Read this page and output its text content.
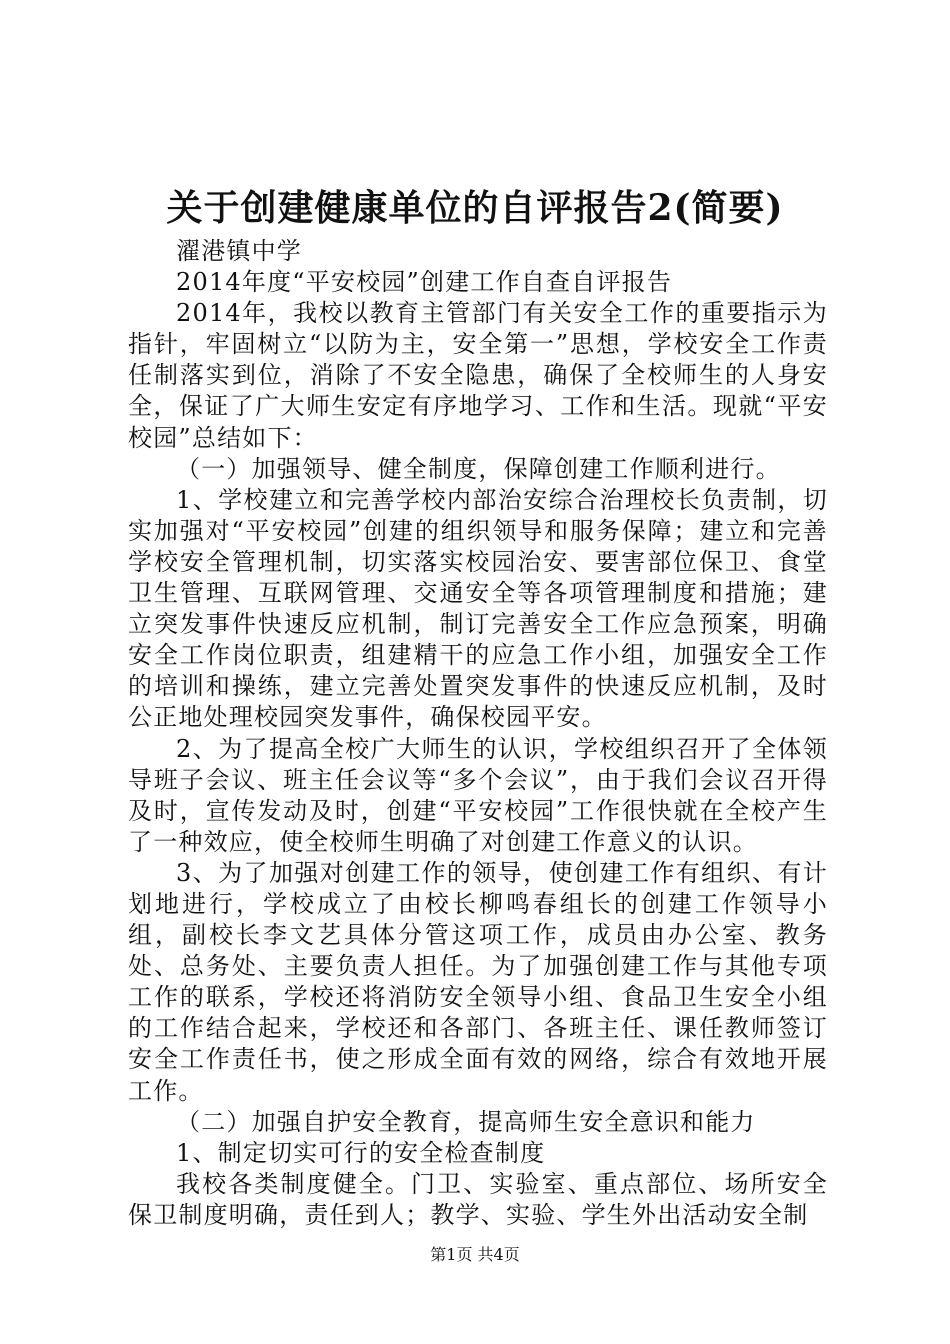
关于创建健康单位的自评报告2(简要)

濯港镇中学

2014年度“平安校园”创建工作自查自评报告

2014年，我校以教育主管部门有关安全工作的重要指示为指针，牢固树立“以防为主，安全第一”思想，学校安全工作责任制落实到位，消除了不安全隐患，确保了全校师生的人身安全，保证了广大师生安定有序地学习、工作和生活。现就“平安校园”总结如下：

（一）加强领导、健全制度，保障创建工作顺利进行。

1、学校建立和完善学校内部治安综合治理校长负责制，切实加强对“平安校园”创建的组织领导和服务保障；建立和完善学校安全管理机制，切实落实校园治安、要害部位保卫、食堂卫生管理、互联网管理、交通安全等各项管理制度和措施；建立突发事件快速反应机制，制订完善安全工作应急预案，明确安全工作岗位职责，组建精干的应急工作小组，加强安全工作的培训和操练，建立完善处置突发事件的快速反应机制，及时公正地处理校园突发事件，确保校园平安。

2、为了提高全校广大师生的认识，学校组织召开了全体领导班子会议、班主任会议等“多个会议”，由于我们会议召开得及时，宣传发动及时，创建“平安校园”工作很快就在全校产生了一种效应，使全校师生明确了对创建工作意义的认识。

3、为了加强对创建工作的领导，使创建工作有组织、有计划地进行，学校成立了由校长柳鸣春组长的创建工作领导小组，副校长李文艺具体分管这项工作，成员由办公室、教务处、总务处、主要负责人担任。为了加强创建工作与其他专项工作的联系，学校还将消防安全领导小组、食品卫生安全小组的工作结合起来，学校还和各部门、各班主任、课任教师签订安全工作责任书，使之形成全面有效的网络，综合有效地开展工作。

（二）加强自护安全教育，提高师生安全意识和能力

1、制定切实可行的安全检查制度

我校各类制度健全。门卫、实验室、重点部位、场所安全保卫制度明确，责任到人；教学、实验、学生外出活动安全制

第1页 共4页
